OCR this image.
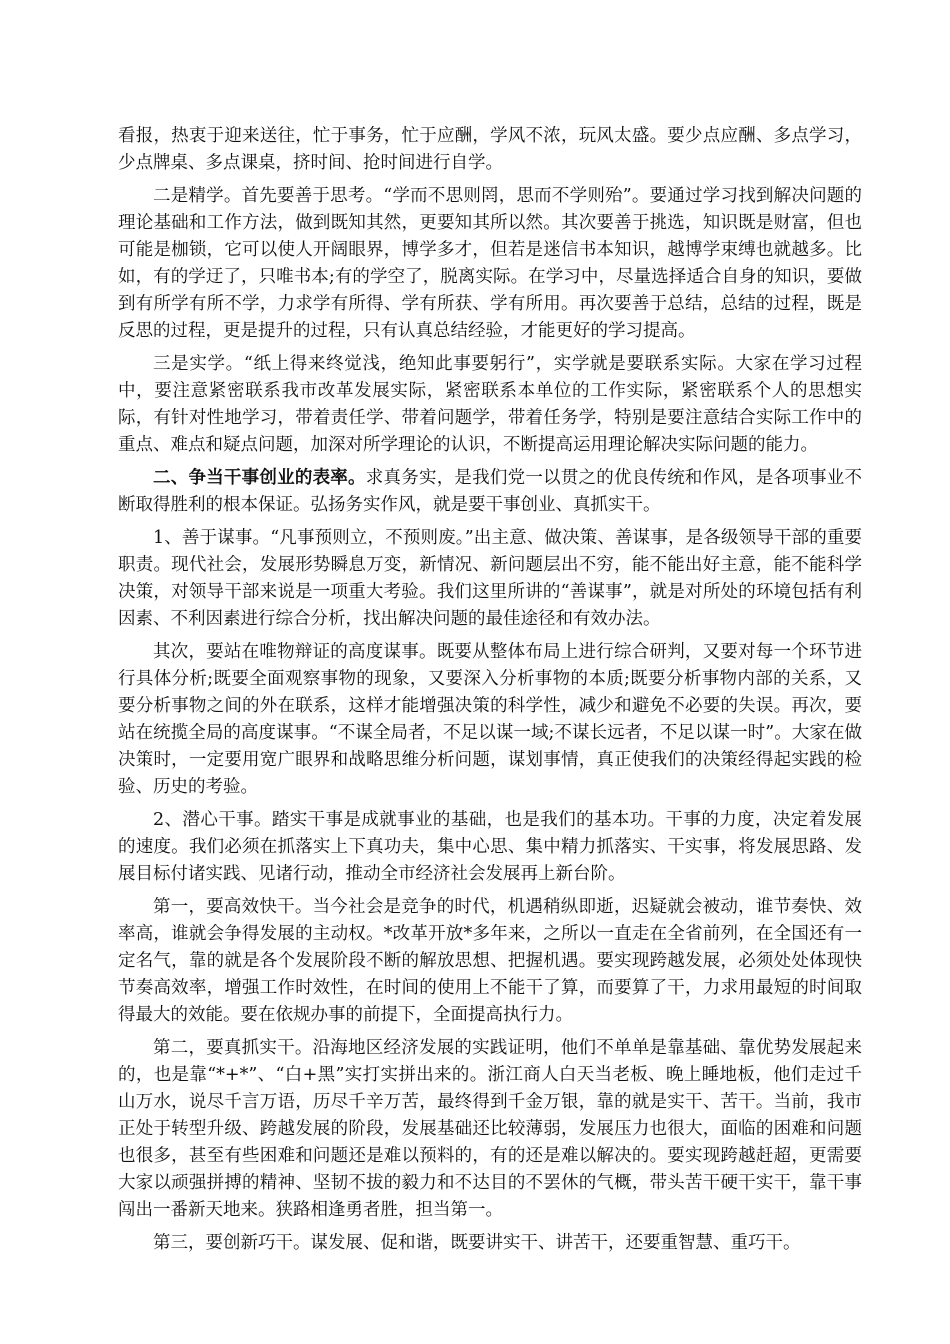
看报，热衷于迎来送往，忙于事务，忙于应酬，学风不浓，玩风太盛。要少点应酬、多点学习，少点牌桌、多点课桌，挤时间、抢时间进行自学。

二是精学。首先要善于思考。“学而不思则罔，思而不学则殆”。要通过学习找到解决问题的理论基础和工作方法，做到既知其然，更要知其所以然。其次要善于挑选，知识既是财富，但也可能是枷锁，它可以使人开阔眼界，博学多才，但若是迷信书本知识，越博学束缚也就越多。比如，有的学迂了，只唯书本;有的学空了，脱离实际。在学习中，尽量选择适合自身的知识，要做到有所学有所不学，力求学有所得、学有所获、学有所用。再次要善于总结，总结的过程，既是反思的过程，更是提升的过程，只有认真总结经验，才能更好的学习提高。

三是实学。“纸上得来终觉浅，绝知此事要躬行”，实学就是要联系实际。大家在学习过程中，要注意紧密联系我市改革发展实际，紧密联系本单位的工作实际，紧密联系个人的思想实际，有针对性地学习，带着责任学、带着问题学，带着任务学，特别是要注意结合实际工作中的重点、难点和疑点问题，加深对所学理论的认识，不断提高运用理论解决实际问题的能力。

二、争当干事创业的表率。求真务实，是我们党一以贯之的优良传统和作风，是各项事业不断取得胜利的根本保证。弘扬务实作风，就是要干事创业、真抓实干。

1、善于谋事。“凡事预则立，不预则废。”出主意、做决策、善谋事，是各级领导干部的重要职责。现代社会，发展形势瞬息万变，新情况、新问题层出不穷，能不能出好主意，能不能科学决策，对领导干部来说是一项重大考验。我们这里所讲的“善谋事”，就是对所处的环境包括有利因素、不利因素进行综合分析，找出解决问题的最佳途径和有效办法。

其次，要站在唯物辩证的高度谋事。既要从整体布局上进行综合研判，又要对每一个环节进行具体分析;既要全面观察事物的现象，又要深入分析事物的本质;既要分析事物内部的关系，又要分析事物之间的外在联系，这样才能增强决策的科学性，减少和避免不必要的失误。再次，要站在统揽全局的高度谋事。“不谋全局者，不足以谋一域;不谋长远者，不足以谋一时”。大家在做决策时，一定要用宽广眼界和战略思维分析问题，谋划事情，真正使我们的决策经得起实践的检验、历史的考验。

2、潜心干事。踏实干事是成就事业的基础，也是我们的基本功。干事的力度，决定着发展的速度。我们必须在抓落实上下真功夫，集中心思、集中精力抓落实、干实事，将发展思路、发展目标付诸实践、见诸行动，推动全市经济社会发展再上新台阶。

第一，要高效快干。当今社会是竞争的时代，机遇稍纵即逝，迟疑就会被动，谁节奏快、效率高，谁就会争得发展的主动权。*改革开放*多年来，之所以一直走在全省前列，在全国还有一定名气，靠的就是各个发展阶段不断的解放思想、把握机遇。要实现跨越发展，必须处处体现快节奏高效率，增强工作时效性，在时间的使用上不能干了算，而要算了干，力求用最短的时间取得最大的效能。要在依规办事的前提下，全面提高执行力。

第二，要真抓实干。沿海地区经济发展的实践证明，他们不单单是靠基础、靠优势发展起来的，也是靠“*+*”、“白+黑”实打实拼出来的。浙江商人白天当老板、晚上睡地板，他们走过千山万水，说尽千言万语，历尽千辛万苦，最终得到千金万银，靠的就是实干、苦干。当前，我市正处于转型升级、跨越发展的阶段，发展基础还比较薄弱，发展压力也很大，面临的困难和问题也很多，甚至有些困难和问题还是难以预料的，有的还是难以解决的。要实现跨越赶超，更需要大家以顽强拼搏的精神、坚韧不拔的毅力和不达目的不罢休的气概，带头苦干硬干实干，靠干事闯出一番新天地来。狭路相逢勇者胜，担当第一。

第三，要创新巧干。谋发展、促和谐，既要讲实干、讲苦干，还要重智慧、重巧干。
